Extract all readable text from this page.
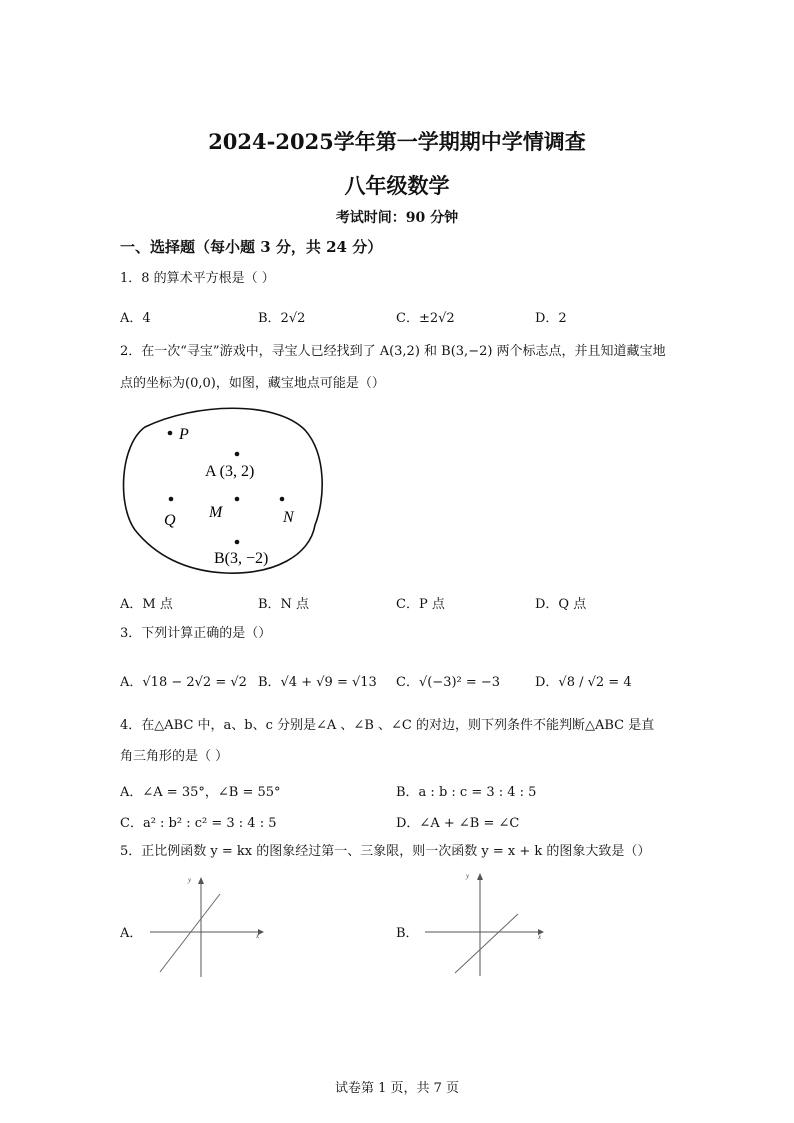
2024-2025学年第一学期期中学情调查
八年级数学
考试时间：90 分钟
一、选择题（每小题 3 分，共 24 分）
1．8 的算术平方根是（ ）
A．4	B．2√2	C．±2√2	D．2
2．在一次“寻宝”游戏中，寻宝人已经找到了 A(3,2) 和 B(3,−2) 两个标志点，并且知道藏宝地
点的坐标为(0,0)，如图，藏宝地点可能是（）
P
A (3, 2)
Q M	N
B(3, −2)
A．M 点	B．N 点	C．P 点	D．Q 点
3．下列计算正确的是（）
A．√18 − 2√2 = √2 B．√4 + √9 = √13 C．√(−3)² = −3	D．√8 / √2 = 4
4．在△ABC 中，a、b、c 分别是∠A 、∠B 、∠C 的对边，则下列条件不能判断△ABC 是直
角三角形的是（ ）
A．∠A = 35°，∠B = 55°	B．a : b : c = 3 : 4 : 5
C．a² : b² : c² = 3 : 4 : 5	D．∠A + ∠B = ∠C
5．正比例函数 y = kx 的图象经过第一、三象限，则一次函数 y = x + k 的图象大致是（）
A．	x
y
B．	x
y
试卷第 1 页，共 7 页
